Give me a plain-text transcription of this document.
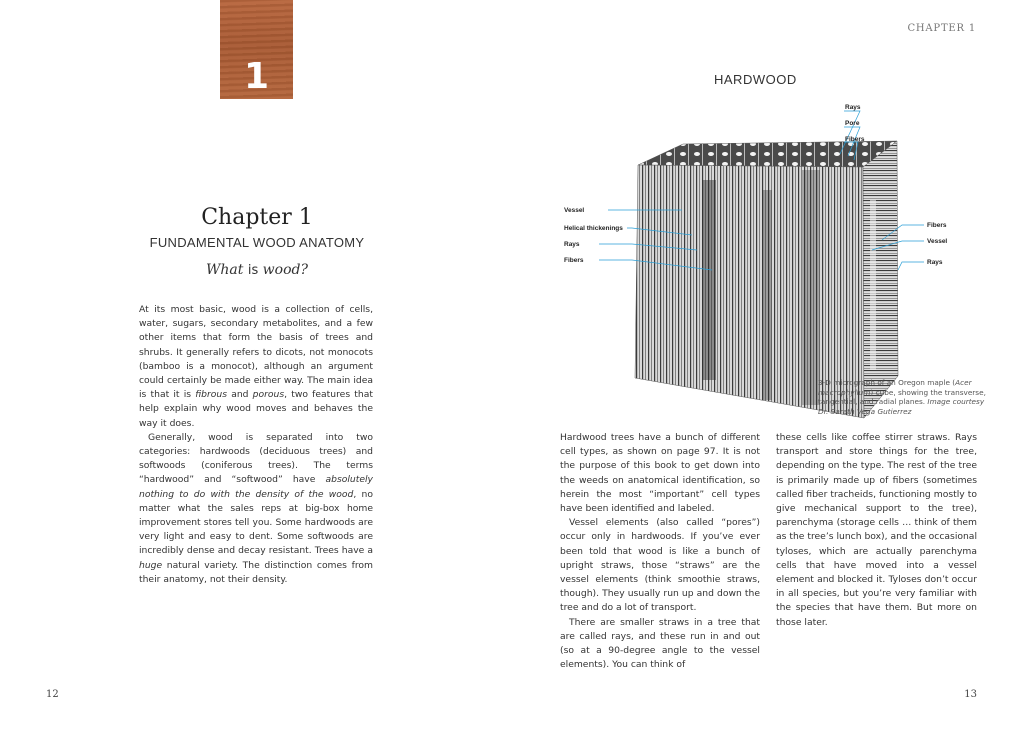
1
Chapter 1
FUNDAMENTAL WOOD ANATOMY
What is wood?

At its most basic, wood is a collection of cells, water, sugars, secondary metabolites, and a few other items that form the basis of trees and shrubs. It generally refers to dicots, not monocots (bamboo is a monocot), although an argument could certainly be made either way. The main idea is that it is fibrous and porous, two features that help explain why wood moves and behaves the way it does.

Generally, wood is separated into two categories: hardwoods (deciduous trees) and softwoods (coniferous trees). The terms “hardwood” and “softwood” have absolutely nothing to do with the density of the wood, no matter what the sales reps at big-box home improvement stores tell you. Some hardwoods are very light and easy to dent. Some softwoods are incredibly dense and decay resistant. Trees have a huge natural variety. The distinction comes from their anatomy, not their density.

12
CHAPTER 1
HARDWOOD
Rays
Pore
Fibers
Vessel
Helical thickenings
Rays
Fibers
Fibers
Vessel
Rays
3-D micrograph of an Oregon maple (Acer macrophyllum) cube, showing the transverse, tangential, and radial planes. Image courtesy Dr. Sarath Vega Gutierrez

Hardwood trees have a bunch of different cell types, as shown on page 97. It is not the purpose of this book to get down into the weeds on anatomical identification, so herein the most “important” cell types have been identified and labeled.

Vessel elements (also called “pores”) occur only in hardwoods. If you’ve ever been told that wood is like a bunch of upright straws, those “straws” are the vessel elements (think smoothie straws, though). They usually run up and down the tree and do a lot of transport.

There are smaller straws in a tree that are called rays, and these run in and out (so at a 90-degree angle to the vessel elements). You can think of

these cells like coffee stirrer straws. Rays transport and store things for the tree, depending on the type. The rest of the tree is primarily made up of fibers (sometimes called fiber tracheids, functioning mostly to give mechanical support to the tree), parenchyma (storage cells … think of them as the tree’s lunch box), and the occasional tyloses, which are actually parenchyma cells that have moved into a vessel element and blocked it. Tyloses don’t occur in all species, but you’re very familiar with the species that have them. But more on those later.

13
